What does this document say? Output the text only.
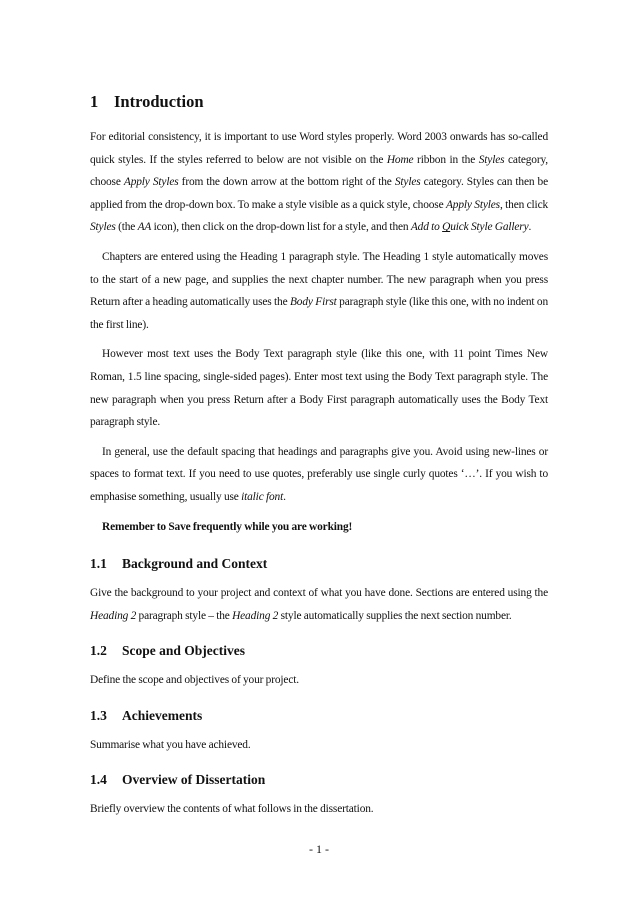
1 Introduction

For editorial consistency, it is important to use Word styles properly. Word 2003 onwards has so-called quick styles. If the styles referred to below are not visible on the Home ribbon in the Styles category, choose Apply Styles from the down arrow at the bottom right of the Styles category. Styles can then be applied from the drop-down box. To make a style visible as a quick style, choose Apply Styles, then click Styles (the AA icon), then click on the drop-down list for a style, and then Add to Quick Style Gallery.

Chapters are entered using the Heading 1 paragraph style. The Heading 1 style automatically moves to the start of a new page, and supplies the next chapter number. The new paragraph when you press Return after a heading automatically uses the Body First paragraph style (like this one, with no indent on the first line).

However most text uses the Body Text paragraph style (like this one, with 11 point Times New Roman, 1.5 line spacing, single-sided pages). Enter most text using the Body Text paragraph style. The new paragraph when you press Return after a Body First paragraph automatically uses the Body Text paragraph style.

In general, use the default spacing that headings and paragraphs give you. Avoid using new-lines or spaces to format text. If you need to use quotes, preferably use single curly quotes ‘…’. If you wish to emphasise something, usually use italic font.

Remember to Save frequently while you are working!

1.1 Background and Context

Give the background to your project and context of what you have done. Sections are entered using the Heading 2 paragraph style – the Heading 2 style automatically supplies the next section number.

1.2 Scope and Objectives

Define the scope and objectives of your project.

1.3 Achievements

Summarise what you have achieved.

1.4 Overview of Dissertation

Briefly overview the contents of what follows in the dissertation.

- 1 -
